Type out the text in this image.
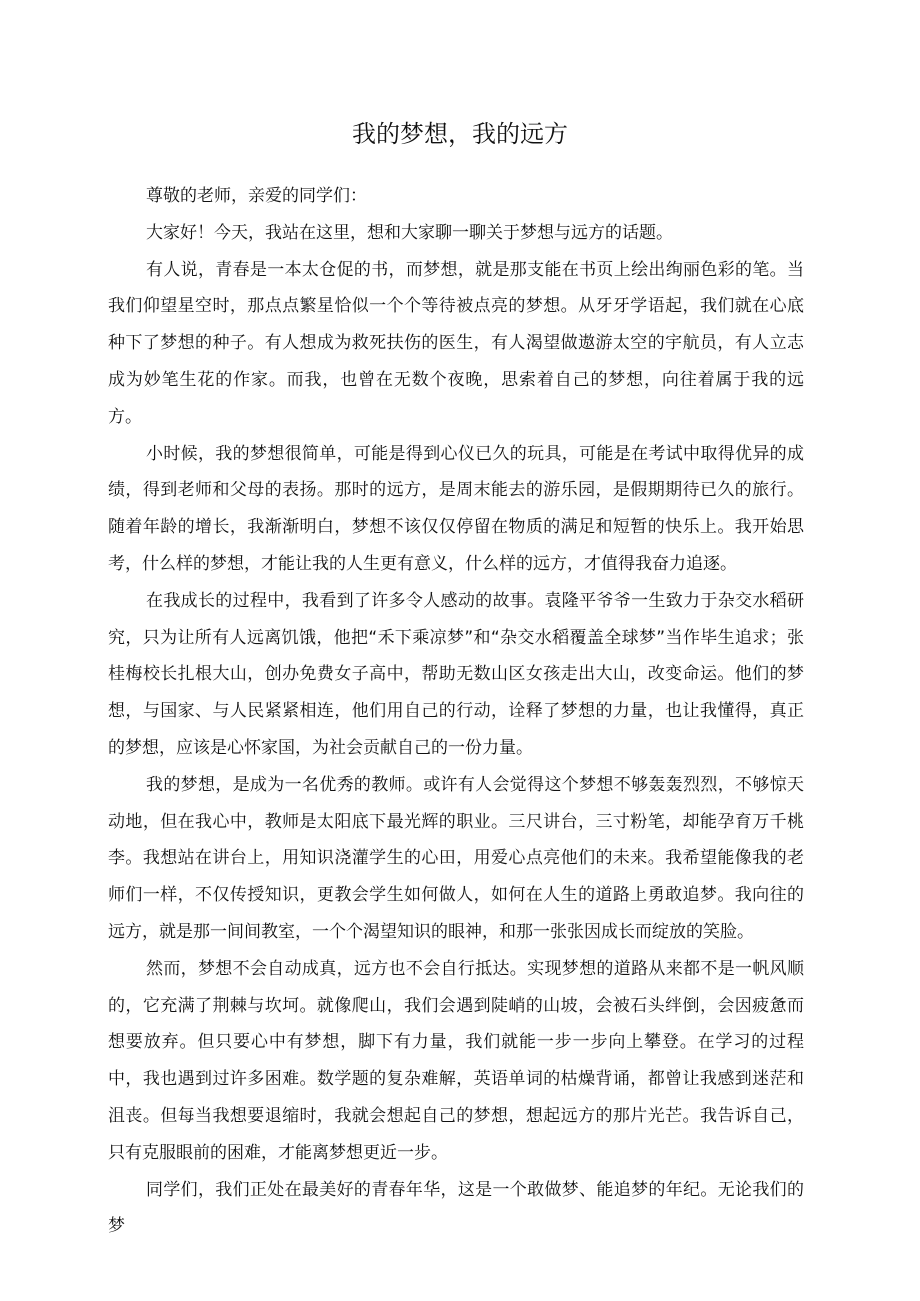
我的梦想，我的远方

尊敬的老师，亲爱的同学们：

大家好！今天，我站在这里，想和大家聊一聊关于梦想与远方的话题。

有人说，青春是一本太仓促的书，而梦想，就是那支能在书页上绘出绚丽色彩的笔。当我们仰望星空时，那点点繁星恰似一个个等待被点亮的梦想。从牙牙学语起，我们就在心底种下了梦想的种子。有人想成为救死扶伤的医生，有人渴望做遨游太空的宇航员，有人立志成为妙笔生花的作家。而我，也曾在无数个夜晚，思索着自己的梦想，向往着属于我的远方。

小时候，我的梦想很简单，可能是得到心仪已久的玩具，可能是在考试中取得优异的成绩，得到老师和父母的表扬。那时的远方，是周末能去的游乐园，是假期期待已久的旅行。随着年龄的增长，我渐渐明白，梦想不该仅仅停留在物质的满足和短暂的快乐上。我开始思考，什么样的梦想，才能让我的人生更有意义，什么样的远方，才值得我奋力追逐。

在我成长的过程中，我看到了许多令人感动的故事。袁隆平爷爷一生致力于杂交水稻研究，只为让所有人远离饥饿，他把“禾下乘凉梦”和“杂交水稻覆盖全球梦”当作毕生追求；张桂梅校长扎根大山，创办免费女子高中，帮助无数山区女孩走出大山，改变命运。他们的梦想，与国家、与人民紧紧相连，他们用自己的行动，诠释了梦想的力量，也让我懂得，真正的梦想，应该是心怀家国，为社会贡献自己的一份力量。

我的梦想，是成为一名优秀的教师。或许有人会觉得这个梦想不够轰轰烈烈，不够惊天动地，但在我心中，教师是太阳底下最光辉的职业。三尺讲台，三寸粉笔，却能孕育万千桃李。我想站在讲台上，用知识浇灌学生的心田，用爱心点亮他们的未来。我希望能像我的老师们一样，不仅传授知识，更教会学生如何做人，如何在人生的道路上勇敢追梦。我向往的远方，就是那一间间教室，一个个渴望知识的眼神，和那一张张因成长而绽放的笑脸。

然而，梦想不会自动成真，远方也不会自行抵达。实现梦想的道路从来都不是一帆风顺的，它充满了荆棘与坎坷。就像爬山，我们会遇到陡峭的山坡，会被石头绊倒，会因疲惫而想要放弃。但只要心中有梦想，脚下有力量，我们就能一步一步向上攀登。在学习的过程中，我也遇到过许多困难。数学题的复杂难解，英语单词的枯燥背诵，都曾让我感到迷茫和沮丧。但每当我想要退缩时，我就会想起自己的梦想，想起远方的那片光芒。我告诉自己，只有克服眼前的困难，才能离梦想更近一步。

同学们，我们正处在最美好的青春年华，这是一个敢做梦、能追梦的年纪。无论我们的梦
